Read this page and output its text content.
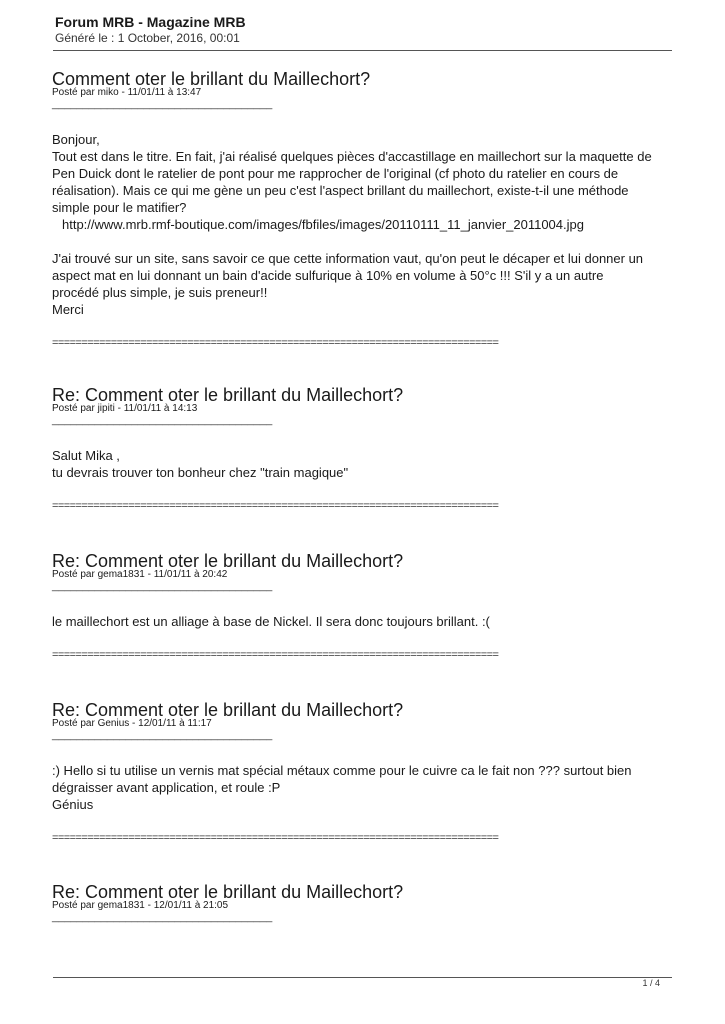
Forum MRB - Magazine MRB
Généré le : 1 October, 2016, 00:01
Comment oter le brillant du Maillechort?
Posté par miko - 11/01/11 à 13:47
____________________________________

Bonjour,

Tout est dans le titre. En fait, j'ai réalisé quelques pièces d'accastillage en maillechort sur la maquette de

Pen Duick dont le ratelier de pont pour me rapprocher de l'original (cf photo du ratelier en cours de

réalisation). Mais ce qui me gène un peu c'est l'aspect brillant du maillechort, existe-t-il une méthode

simple pour le matifier?

http://www.mrb.rmf-boutique.com/images/fbfiles/images/20110111_11_janvier_2011004.jpg

J'ai trouvé sur un site, sans savoir ce que cette information vaut, qu'on peut le décaper et lui donner un

aspect mat en lui donnant un bain d'acide sulfurique à 10% en volume à 50°c !!! S'il y a un autre

procédé plus simple, je suis preneur!!

Merci

============================================================================
Re: Comment oter le brillant du Maillechort?
Posté par jipiti - 11/01/11 à 14:13
____________________________________

Salut Mika ,

tu devrais trouver ton bonheur chez "train magique"

============================================================================
Re: Comment oter le brillant du Maillechort?
Posté par gema1831 - 11/01/11 à 20:42
____________________________________

le maillechort est un alliage à base de Nickel. Il sera donc toujours brillant. :(

============================================================================
Re: Comment oter le brillant du Maillechort?
Posté par Genius - 12/01/11 à 11:17
____________________________________

:) Hello si tu utilise un vernis mat spécial métaux comme pour le cuivre ca le fait non ??? surtout bien

dégraisser avant application, et roule :P

Génius

============================================================================
Re: Comment oter le brillant du Maillechort?
Posté par gema1831 - 12/01/11 à 21:05
____________________________________
1 / 4
